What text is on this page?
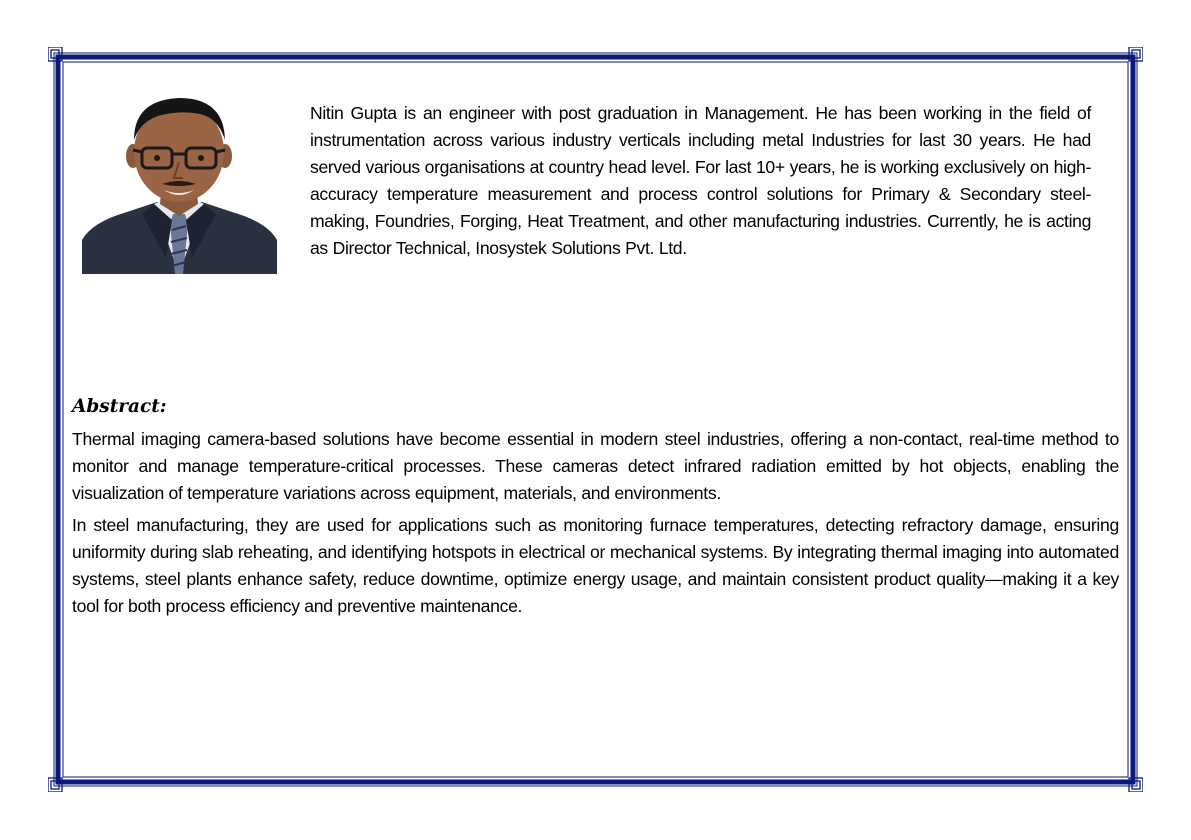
Nitin Gupta is an engineer with post graduation in Management. He has been working in the field of instrumentation across various industry verticals including metal Industries for last 30 years. He had served various organisations at country head level. For last 10+ years, he is working exclusively on high-accuracy temperature measurement and process control solutions for Primary & Secondary steel-making, Foundries, Forging, Heat Treatment, and other manufacturing industries. Currently, he is acting as Director Technical, Inosystek Solutions Pvt. Ltd.
Abstract:

Thermal imaging camera-based solutions have become essential in modern steel industries, offering a non-contact, real-time method to monitor and manage temperature-critical processes. These cameras detect infrared radiation emitted by hot objects, enabling the visualization of temperature variations across equipment, materials, and environments.

In steel manufacturing, they are used for applications such as monitoring furnace temperatures, detecting refractory damage, ensuring uniformity during slab reheating, and identifying hotspots in electrical or mechanical systems. By integrating thermal imaging into automated systems, steel plants enhance safety, reduce downtime, optimize energy usage, and maintain consistent product quality—making it a key tool for both process efficiency and preventive maintenance.
